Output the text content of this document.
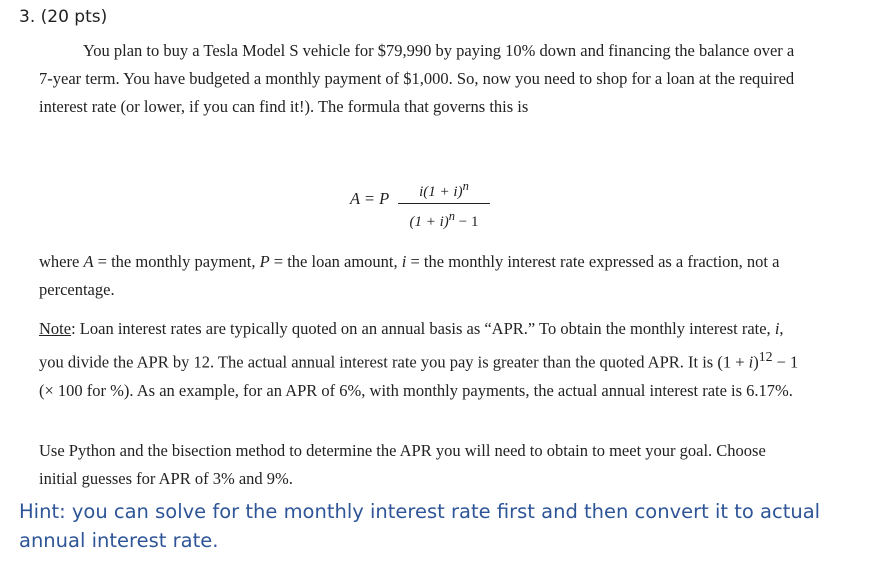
3. (20 pts)

You plan to buy a Tesla Model S vehicle for $79,990 by paying 10% down and financing the balance over a 7-year term. You have budgeted a monthly payment of $1,000. So, now you need to shop for a loan at the required interest rate (or lower, if you can find it!). The formula that governs this is

A = P	$i(1 + i)^n$
$(1 + i)^n - 1$

where A = the monthly payment, P = the loan amount, i = the monthly interest rate expressed as a fraction, not a percentage.

Note: Loan interest rates are typically quoted on an annual basis as “APR.” To obtain the monthly interest rate, i, you divide the APR by 12. The actual annual interest rate you pay is greater than the quoted APR. It is $(1 + i)^{12} - 1$ (× 100 for %). As an example, for an APR of 6%, with monthly payments, the actual annual interest rate is 6.17%.

Use Python and the bisection method to determine the APR you will need to obtain to meet your goal. Choose initial guesses for APR of 3% and 9%.

Hint: you can solve for the monthly interest rate first and then convert it to actual annual interest rate.
